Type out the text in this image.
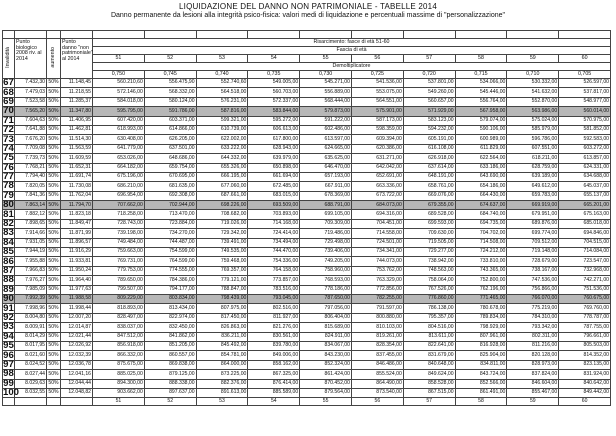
LIQUIDAZIONE DEL DANNO NON PATRIMONIALE - TABELLE 2014
Danno permanente da lesioni alla integrità psico-fisica: valori medi di liquidazione e percentuali massime di "personalizzazione"

Invalidità	Punto biologico 2008 riv. al 2014	aumento	Punto danno "non patrimoniale" al 2014	Risarcimento: fasce di età 51-60									
				Fascia di età									
				51	52	53	54	55	56	57	58	59	60
				Demoltiplicatore									
				0,750	0,745	0,740	0,735	0,730	0,725	0,720	0,715	0,710	0,705
67	7.432,30	50%	11.148,45	560.210,60	556.475,90	552.740,60	549.005,00	545.271,00	541.536,00	537.801,00	534.066,00	530.332,00	526.597,00
68	7.479,03	50%	11.218,55	572.146,00	568.332,00	564.518,00	560.703,00	556.889,00	553.075,00	549.260,00	545.446,00	541.632,00	537.817,00
69	7.523,58	50%	11.285,37	584.018,00	580.124,00	576.231,00	572.337,00	568.444,00	564.551,00	560.657,00	556.764,00	552.870,00	548.977,00
70	7.565,20	50%	11.347,80	595.795,00	591.786,00	587.816,00	583.844,00	579.873,00	575.901,00	571.929,00	567.958,00	563.986,00	560.014,00
71	7.604,63	50%	11.406,95	607.420,00	603.371,00	599.321,00	595.272,00	591.222,00	587.173,00	583.123,00	579.074,00	575.024,00	570.975,00
72	7.641,88	50%	11.462,81	618.993,00	614.866,00	610.739,00	606.613,00	602.486,00	598.359,00	594.232,00	590.106,00	585.979,00	581.852,00
73	7.676,20	50%	11.514,30	630.408,00	626.205,00	622.002,00	617.800,00	613.597,00	609.394,00	605.191,00	600.989,00	596.786,00	592.583,00
74	7.709,08	50%	11.563,59	641.779,00	637.501,00	633.222,00	628.943,00	624.665,00	620.386,00	616.108,00	611.829,00	607.551,00	603.272,00
75	7.739,73	50%	11.609,59	653.026,00	648.686,00	644.332,00	639.979,00	635.625,00	631.271,00	626.918,00	622.564,00	618.211,00	613.857,00
76	7.768,21	50%	11.652,31	664.182,00	659.754,00	655.326,00	650.898,00	646.470,00	642.042,00	637.614,00	633.186,00	628.759,00	624.331,00
77	7.794,40	50%	11.691,74	675.196,00	670.695,00	666.195,00	661.694,00	657.193,00	652.691,00	648.191,00	643.690,00	639.189,00	634.688,00
78	7.820,05	50%	11.730,08	686.210,00	681.635,00	677.060,00	672.485,00	667.911,00	663.336,00	658.761,00	654.186,00	649.612,00	645.037,00
79	7.841,36	50%	11.762,04	696.954,00	692.308,00	687.661,00	683.015,00	678.369,00	673.722,00	669.076,00	664.430,00	659.783,00	655.137,00
80	7.863,14	50%	11.794,70	707.662,00	702.944,00	698.226,00	693.509,00	688.791,00	684.073,00	679.355,00	674.637,00	669.919,00	665.201,00
81	7.882,12	50%	11.823,18	718.258,00	713.470,00	708.682,00	703.893,00	699.105,00	694.316,00	689.528,00	684.740,00	679.951,00	675.163,00
82	7.898,65	50%	11.849,47	728.743,00	723.884,00	719.026,00	714.168,00	709.309,00	704.451,00	699.593,00	694.735,00	689.876,00	685.018,00
83	7.914,66	50%	11.871,99	739.198,00	734.270,00	729.342,00	724.414,00	719.486,00	714.558,00	709.630,00	704.702,00	699.774,00	694.846,00
84	7.931,05	50%	11.896,57	749.484,00	744.487,00	739.491,00	734.494,00	729.498,00	724.501,00	719.505,00	714.508,00	709.512,00	704.515,00
85	7.944,19	50%	11.916,29	759.663,00	754.599,00	749.535,00	744.470,00	739.406,00	734.341,00	729.277,00	724.212,00	719.148,00	714.084,00
86	7.955,88	50%	11.933,81	769.731,00	764.599,00	759.468,00	754.336,00	749.205,00	744.073,00	738.942,00	733.810,00	728.679,00	723.547,00
87	7.966,83	50%	11.950,24	779.753,00	774.555,00	769.357,00	764.158,00	758.960,00	753.762,00	748.563,00	743.365,00	738.167,00	732.968,00
88	7.976,27	50%	11.964,40	789.650,00	784.386,00	779.121,00	773.857,00	768.593,00	763.329,00	758.064,00	752.800,00	747.536,00	742.271,00
89	7.985,09	50%	11.977,63	799.507,00	794.177,00	788.847,00	783.516,00	778.186,00	772.856,00	767.526,00	762.196,00	756.866,00	751.536,00
90	7.992,39	50%	11.988,58	809.229,00	803.834,00	798.439,00	793.045,00	787.650,00	782.255,00	776.860,00	771.465,00	766.070,00	760.675,00
91	7.998,96	50%	11.998,44	818.893,00	813.434,00	807.975,00	802.516,00	797.056,00	791.597,00	786.138,00	780.678,00	775.219,00	769.760,00
92	8.004,80	50%	12.007,20	828.497,00	822.974,00	817.450,00	811.927,00	806.404,00	800.880,00	795.357,00	789.834,00	784.310,00	778.787,00
93	8.009,91	50%	12.014,87	838.037,00	832.450,00	826.863,00	821.276,00	815.689,00	810.103,00	804.516,00	798.929,00	793.342,00	787.755,00
94	8.014,29	50%	12.021,44	847.512,00	841.862,00	836.211,00	830.561,00	824.911,00	819.261,00	813.611,00	807.961,00	802.311,00	796.661,00
95	8.017,95	50%	12.026,92	856.918,00	851.205,00	845.492,00	839.780,00	834.067,00	828.354,00	822.641,00	816.928,00	811.216,00	805.503,00
96	8.021,60	50%	12.032,39	866.332,00	860.557,00	854.781,00	849.006,00	843.230,00	837.455,00	831.679,00	825.904,00	820.128,00	814.352,00
97	8.024,52	50%	12.036,78	875.675,00	869.838,00	864.000,00	858.162,00	852.324,00	846.486,00	840.648,00	834.811,00	828.973,00	823.135,00
98	8.027,44	50%	12.041,16	885.025,00	879.125,00	873.225,00	867.325,00	861.424,00	855.524,00	849.624,00	843.724,00	837.824,00	831.924,00
99	8.029,63	50%	12.044,44	894.300,00	888.338,00	882.376,00	876.414,00	870.452,00	864.490,00	858.528,00	852.566,00	846.604,00	840.642,00
100	8.032,55	50%	12.048,82	903.662,00	897.637,00	891.613,00	885.589,00	879.564,00	873.540,00	867.515,00	861.491,00	855.467,00	849.442,00
				51	52	53	54	55	56	57	58	59	60
